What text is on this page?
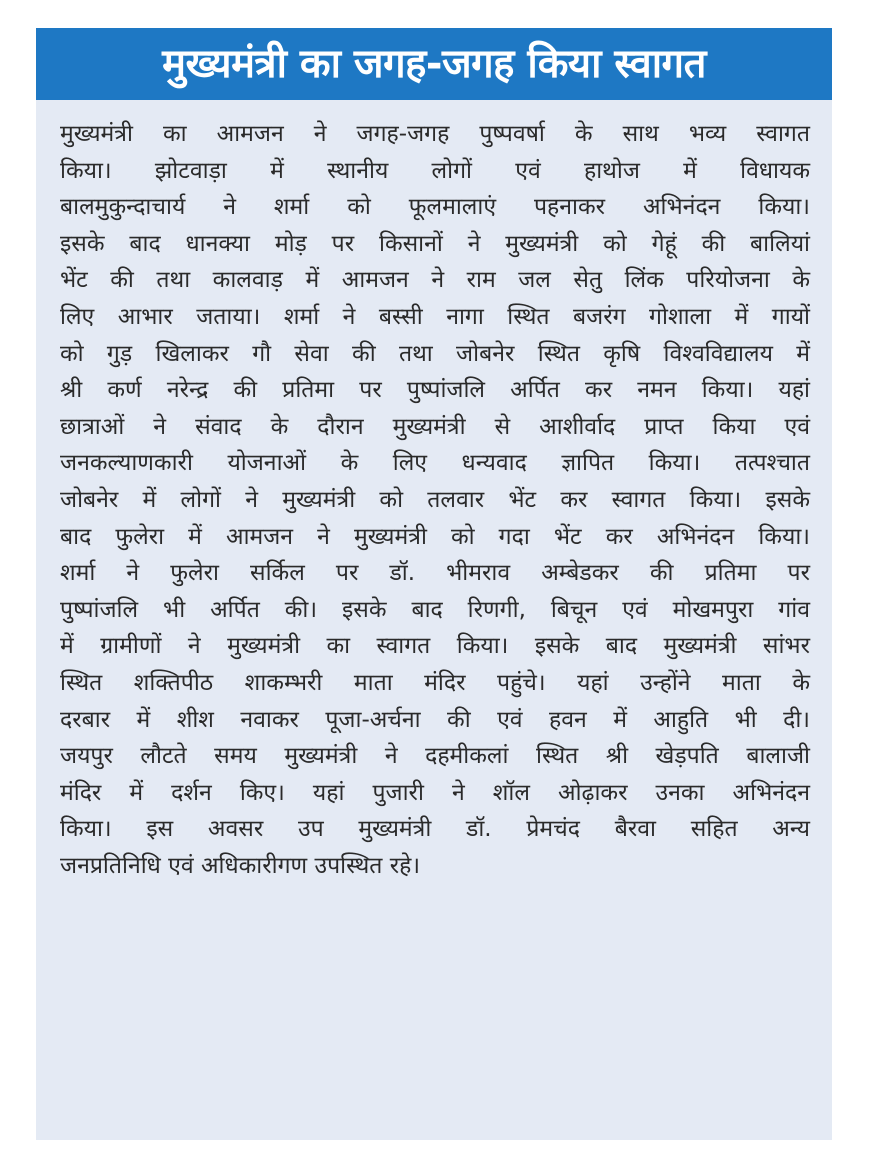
मुख्यमंत्री का जगह-जगह किया स्वागत
मुख्यमंत्री का आमजन ने जगह-जगह पुष्पवर्षा के साथ भव्य स्वागत
किया। झोटवाड़ा में स्थानीय लोगों एवं हाथोज में विधायक
बालमुकुन्दाचार्य ने शर्मा को फूलमालाएं पहनाकर अभिनंदन किया।
इसके बाद धानक्या मोड़ पर किसानों ने मुख्यमंत्री को गेहूं की बालियां
भेंट की तथा कालवाड़ में आमजन ने राम जल सेतु लिंक परियोजना के
लिए आभार जताया। शर्मा ने बस्सी नागा स्थित बजरंग गोशाला में गायों
को गुड़ खिलाकर गौ सेवा की तथा जोबनेर स्थित कृषि विश्वविद्यालय में
श्री कर्ण नरेन्द्र की प्रतिमा पर पुष्पांजलि अर्पित कर नमन किया। यहां
छात्राओं ने संवाद के दौरान मुख्यमंत्री से आशीर्वाद प्राप्त किया एवं
जनकल्याणकारी योजनाओं के लिए धन्यवाद ज्ञापित किया। तत्पश्चात
जोबनेर में लोगों ने मुख्यमंत्री को तलवार भेंट कर स्वागत किया। इसके
बाद फुलेरा में आमजन ने मुख्यमंत्री को गदा भेंट कर अभिनंदन किया।
शर्मा ने फुलेरा सर्किल पर डॉ. भीमराव अम्बेडकर की प्रतिमा पर
पुष्पांजलि भी अर्पित की। इसके बाद रिणगी, बिचून एवं मोखमपुरा गांव
में ग्रामीणों ने मुख्यमंत्री का स्वागत किया। इसके बाद मुख्यमंत्री सांभर
स्थित शक्तिपीठ शाकम्भरी माता मंदिर पहुंचे। यहां उन्होंने माता के
दरबार में शीश नवाकर पूजा-अर्चना की एवं हवन में आहुति भी दी।
जयपुर लौटते समय मुख्यमंत्री ने दहमीकलां स्थित श्री खेड़पति बालाजी
मंदिर में दर्शन किए। यहां पुजारी ने शॉल ओढ़ाकर उनका अभिनंदन
किया। इस अवसर उप मुख्यमंत्री डॉ. प्रेमचंद बैरवा सहित अन्य
जनप्रतिनिधि एवं अधिकारीगण उपस्थित रहे।
